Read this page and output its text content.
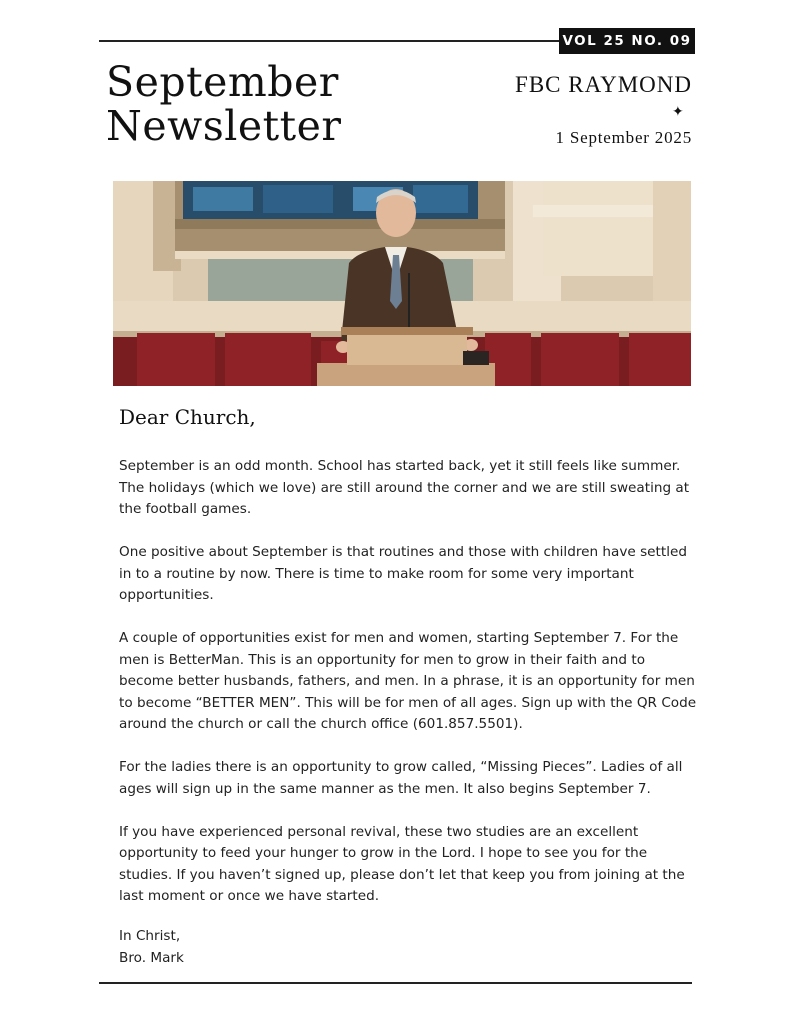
VOL 25 NO. 09
September
Newsletter
FBC RAYMOND
✦
1 September 2025
Dear Church,

September is an odd month. School has started back, yet it still feels like summer. The holidays (which we love) are still around the corner and we are still sweating at the football games.

One positive about September is that routines and those with children have settled in to a routine by now. There is time to make room for some very important opportunities.

A couple of opportunities exist for men and women, starting September 7. For the men is BetterMan. This is an opportunity for men to grow in their faith and to become better husbands, fathers, and men. In a phrase, it is an opportunity for men to become “BETTER MEN”. This will be for men of all ages. Sign up with the QR Code around the church or call the church office (601.857.5501).

For the ladies there is an opportunity to grow called, “Missing Pieces”. Ladies of all ages will sign up in the same manner as the men. It also begins September 7.

If you have experienced personal revival, these two studies are an excellent opportunity to feed your hunger to grow in the Lord. I hope to see you for the studies. If you haven’t signed up, please don’t let that keep you from joining at the last moment or once we have started.

In Christ,
Bro. Mark
